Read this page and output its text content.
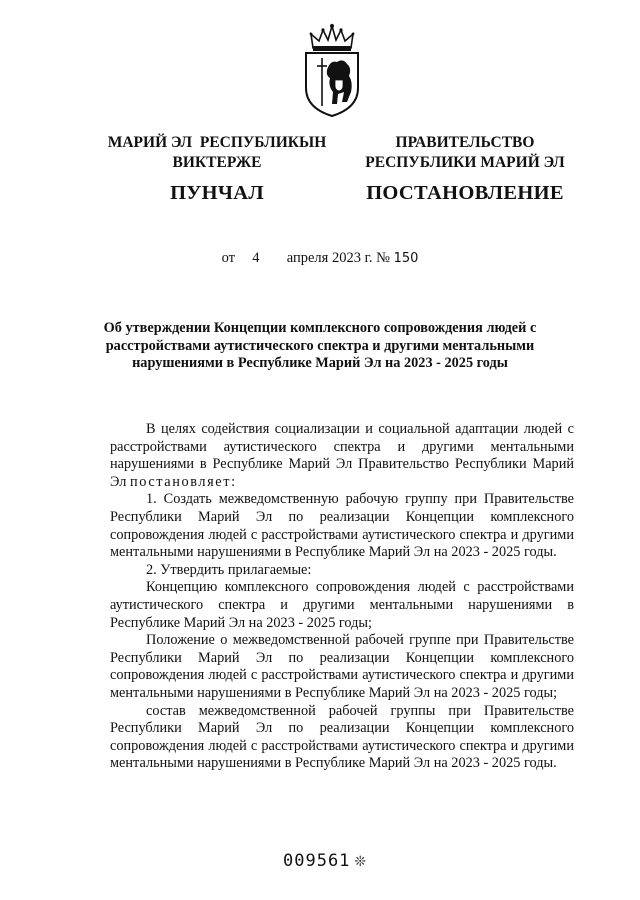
МАРИЙ ЭЛ  РЕСПУБЛИКЫН
ВИКТЕРЖЕ
ПУНЧАЛ
ПРАВИТЕЛЬСТВО
РЕСПУБЛИКИ МАРИЙ ЭЛ
ПОСТАНОВЛЕНИЕ
от 4 апреля 2023 г. № 150
Об утверждении Концепции комплексного сопровождения людей с расстройствами аутистического спектра и другими ментальными нарушениями в Республике Марий Эл на 2023 - 2025 годы

В целях содействия социализации и социальной адаптации людей с расстройствами аутистического спектра и другими ментальными нарушениями в Республике Марий Эл Правительство Республики Марий Эл постановляет:

1. Создать межведомственную рабочую группу при Правительстве Республики Марий Эл по реализации Концепции комплексного сопровождения людей с расстройствами аутистического спектра и другими ментальными нарушениями в Республике Марий Эл на 2023 - 2025 годы.

2. Утвердить прилагаемые:

Концепцию комплексного сопровождения людей с расстройствами аутистического спектра и другими ментальными нарушениями в Республике Марий Эл на 2023 - 2025 годы;

Положение о межведомственной рабочей группе при Правительстве Республики Марий Эл по реализации Концепции комплексного сопровождения людей с расстройствами аутистического спектра и другими ментальными нарушениями в Республике Марий Эл на 2023 - 2025 годы;

состав межведомственной рабочей группы при Правительстве Республики Марий Эл по реализации Концепции комплексного сопровождения людей с расстройствами аутистического спектра и другими ментальными нарушениями в Республике Марий Эл на 2023 - 2025 годы.

009561 ❊
